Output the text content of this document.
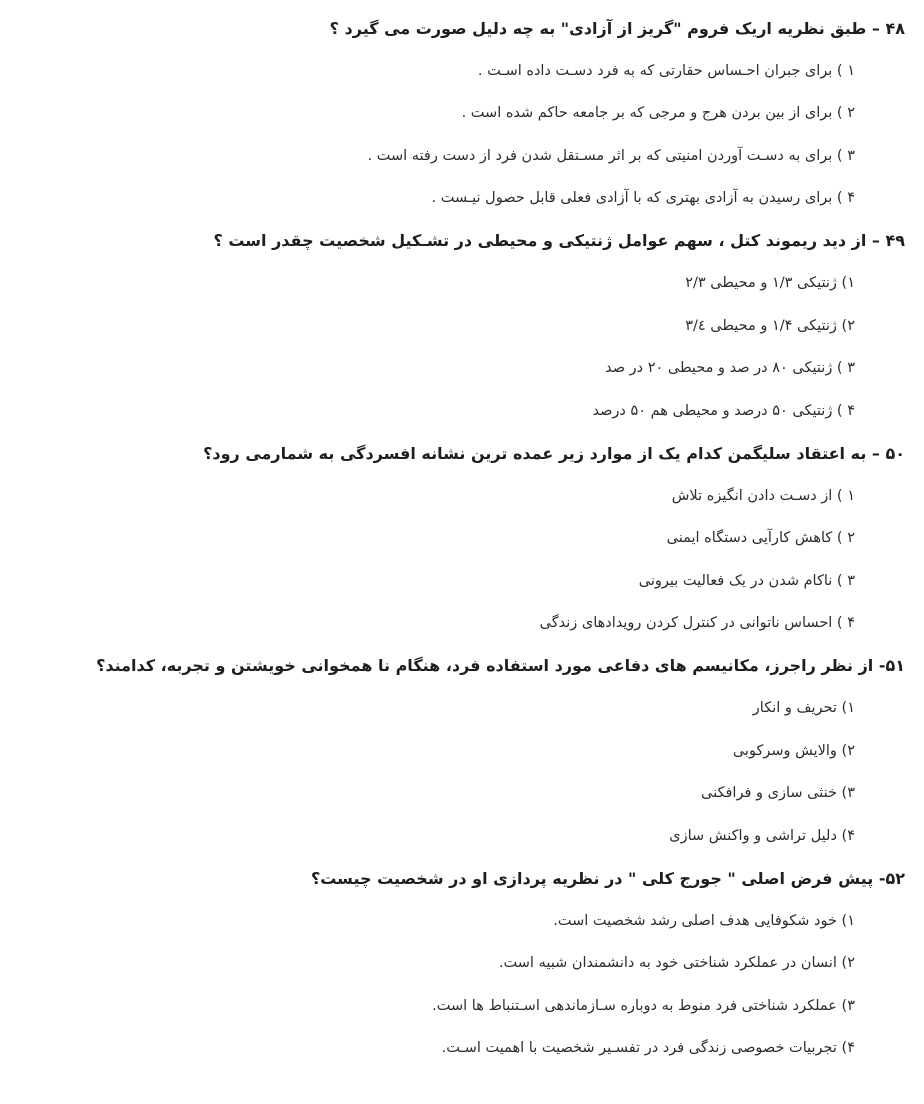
۴۸ – طبق نظریه اریک فروم "گریز از آزادی" به چه دلیل صورت می گیرد ؟
۱ ) برای جبران احـساس حقارتی که به فرد دسـت داده اسـت .
۲ ) برای از بین بردن هرج و مرجی که بر جامعه حاکم شده است .
۳ ) برای به دسـت آوردن امنیتی که بر اثر مسـتقل شدن فرد از دست رفته است .
۴ ) برای رسیدن به آزادی بهتری که با آزادی فعلی قابل حصول نیـست .
۴۹ – از دید ریموند کتل ، سهم عوامل ژنتیکی و محیطی در تشـکیل شخصیت چقدر است ؟
۱) ژنتیکی ۱/۳ و محیطی ۲/۳
۲) ژنتیکی ۱/۴ و محیطی ۳/٤
۳ ) ژنتیکی ۸۰ در صد و محیطی ۲۰ در صد
۴ ) ژنتیکی ۵۰ درصد و محیطی هم ۵۰ درصد
۵۰ – به اعتقاد سلیگمن کدام یک از موارد زیر عمده ترین نشانه افسردگی به شمارمی رود؟
۱ ) از دسـت دادن انگیزه تلاش
۲ ) کاهش کارآیی دستگاه ایمنی
۳ ) ناکام شدن در یک فعالیت بیرونی
۴ ) احساس ناتوانی در کنترل کردن رویدادهای زندگی
۵۱- از نظر راجرز، مکانیسم های دفاعی مورد استفاده فرد، هنگام نا همخوانی خویشتن و تجربه، کدامند؟
۱) تحریف و انکار
۲) والایش وسرکوبی
۳) خنثی سازی و فرافکنی
۴) دلیل تراشی و واکنش سازی
۵۲- پیش فرض اصلی " جورج کلی " در نظریه پردازی او در شخصیت چیست؟
۱) خود شکوفایی هدف اصلی رشد شخصیت است.
۲) انسان در عملکرد شناختی خود به دانشمندان شبیه است.
۳) عملکرد شناختی فرد منوط به دوباره سـازماندهی اسـتنباط ها است.
۴) تجربیات خصوصی زندگی فرد در تفسـیر شخصیت با اهمیت اسـت.
